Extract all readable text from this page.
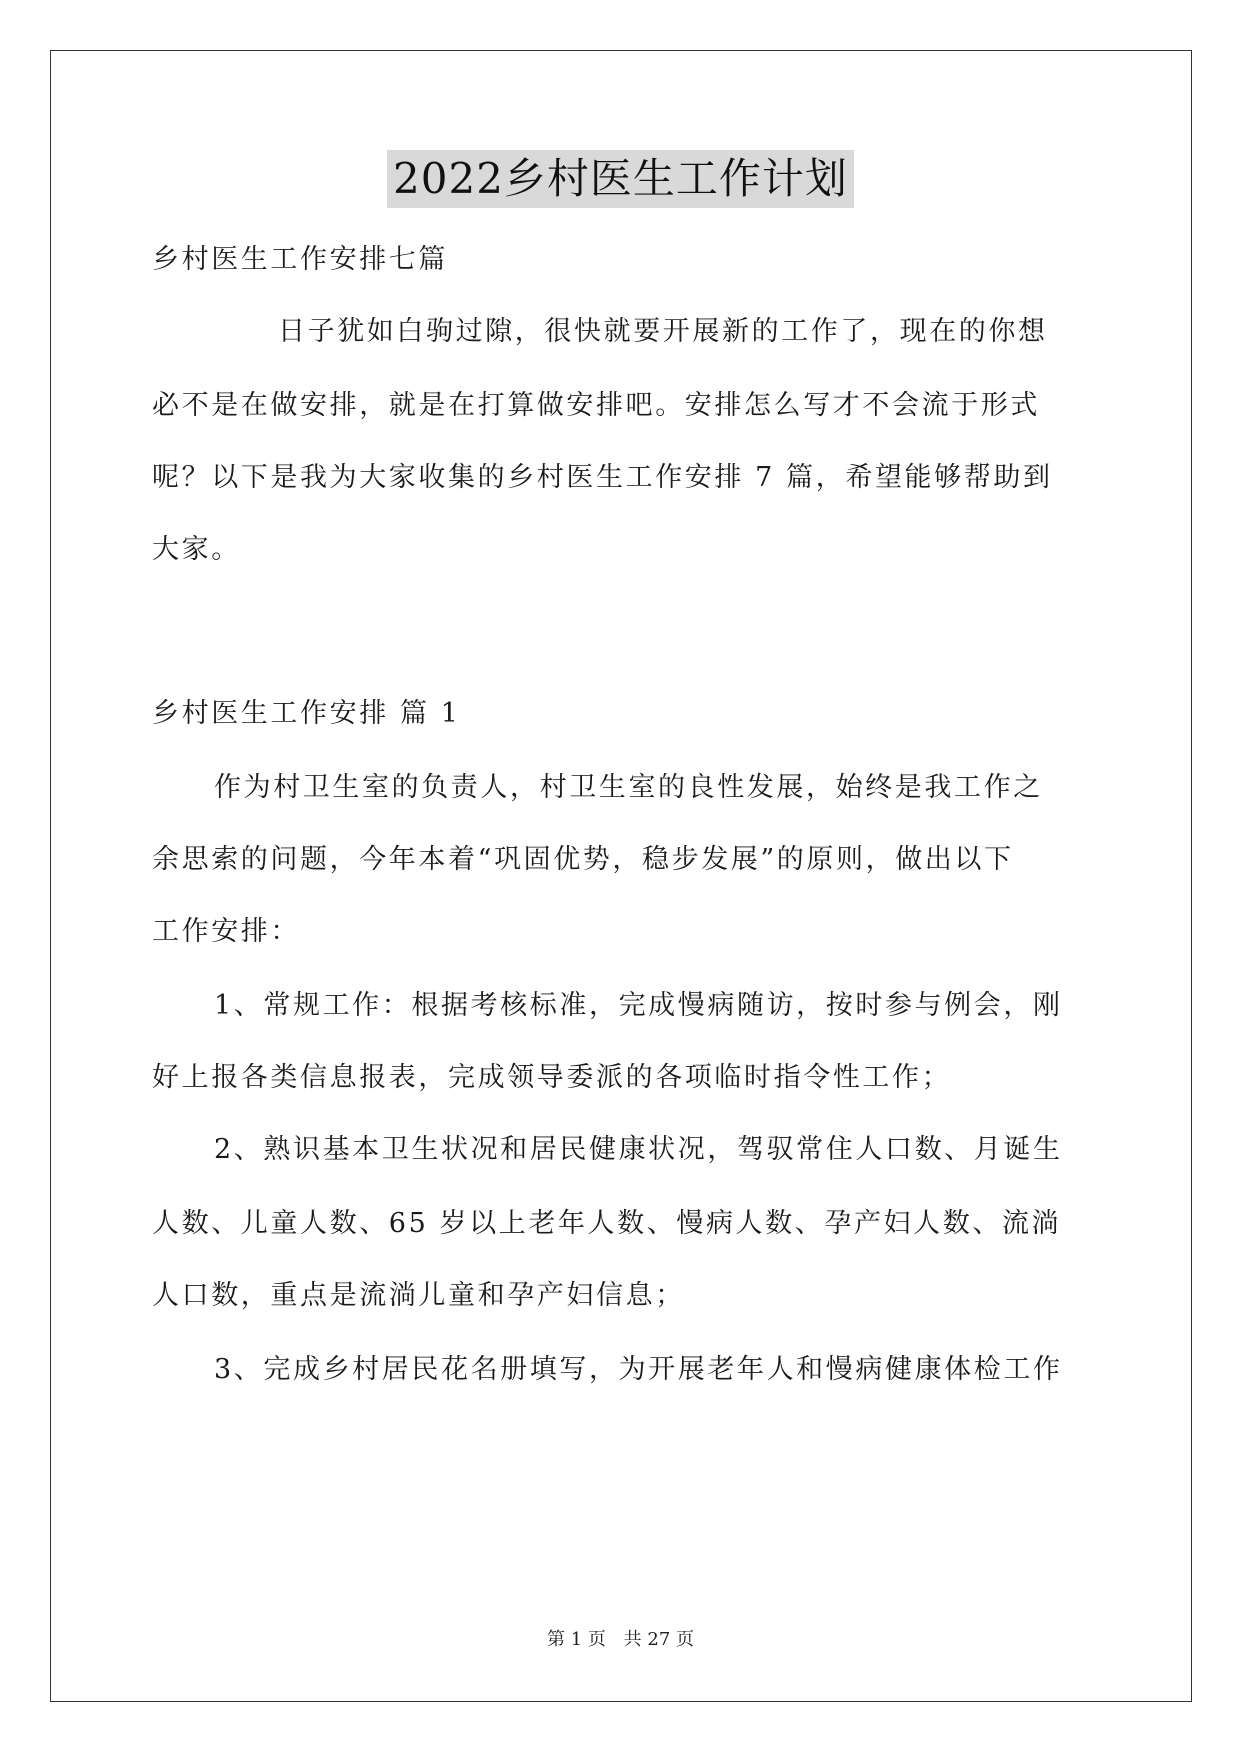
2022乡村医生工作计划
乡村医生工作安排七篇
日子犹如白驹过隙，很快就要开展新的工作了，现在的你想
必不是在做安排，就是在打算做安排吧。安排怎么写才不会流于形式
呢？以下是我为大家收集的乡村医生工作安排 7 篇，希望能够帮助到
大家。
乡村医生工作安排 篇 1
作为村卫生室的负责人，村卫生室的良性发展，始终是我工作之
余思索的问题，今年本着“巩固优势，稳步发展”的原则，做出以下
工作安排：
1、常规工作：根据考核标准，完成慢病随访，按时参与例会，刚
好上报各类信息报表，完成领导委派的各项临时指令性工作；
2、熟识基本卫生状况和居民健康状况，驾驭常住人口数、月诞生
人数、儿童人数、65 岁以上老年人数、慢病人数、孕产妇人数、流淌
人口数，重点是流淌儿童和孕产妇信息；
3、完成乡村居民花名册填写，为开展老年人和慢病健康体检工作
第 1 页 共 27 页
